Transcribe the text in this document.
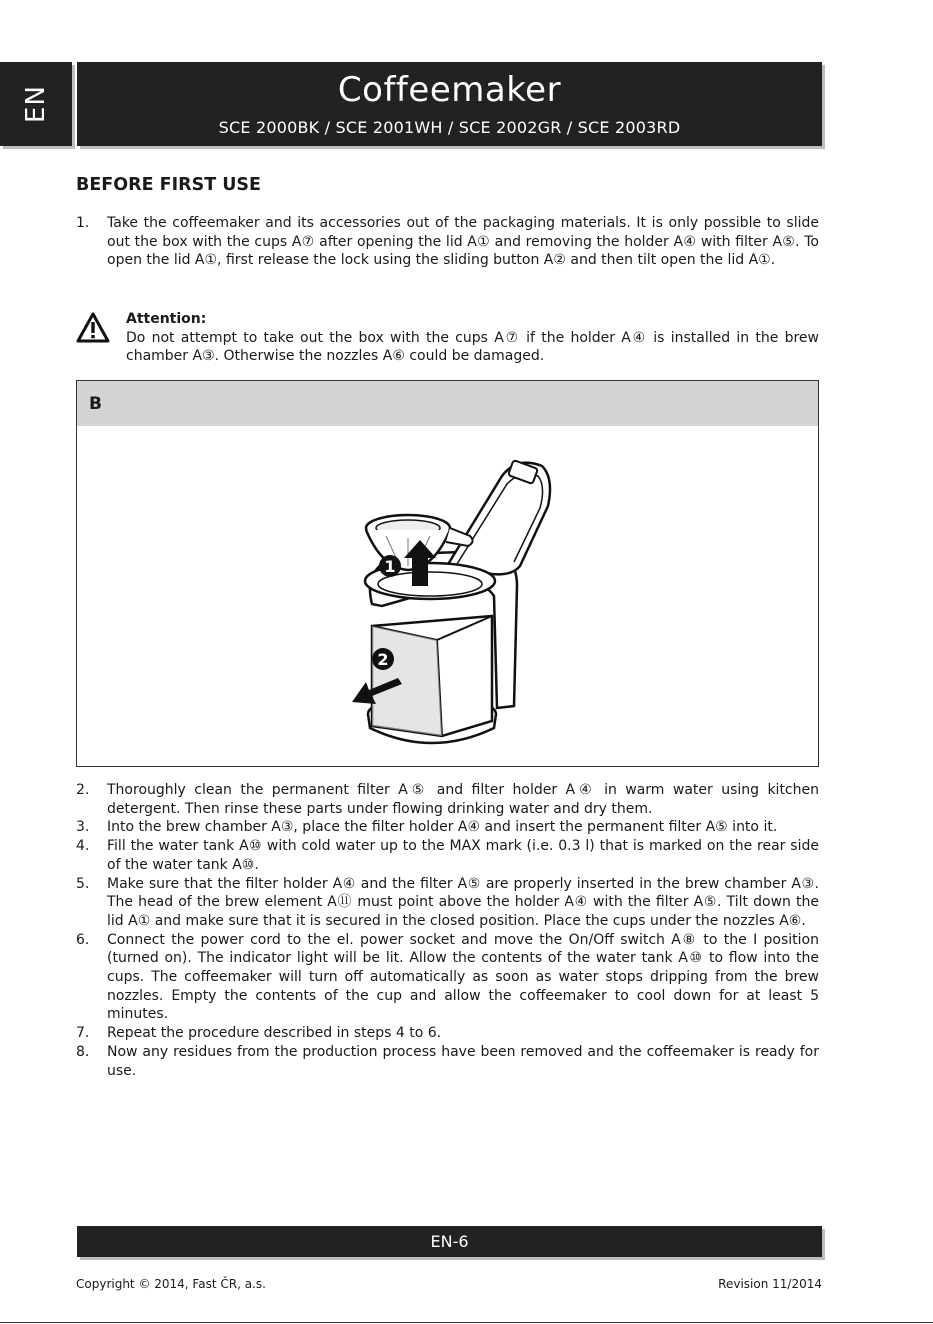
EN	Coffeemaker
SCE 2000BK / SCE 2001WH / SCE 2002GR / SCE 2003RD
BEFORE FIRST USE
1. Take the coffeemaker and its accessories out of the packaging materials. It is only possible to slide out the box with the cups A⑦ after opening the lid A① and removing the holder A④ with filter A⑤. To open the lid A①, first release the lock using the sliding button A② and then tilt open the lid A①.
Attention:
Do not attempt to take out the box with the cups A⑦ if the holder A④ is installed in the brew chamber A③. Otherwise the nozzles A⑥ could be damaged.
B
1
2
2. Thoroughly clean the permanent filter A⑤ and filter holder A④ in warm water using kitchen detergent. Then rinse these parts under flowing drinking water and dry them.
3. Into the brew chamber A③, place the filter holder A④ and insert the permanent filter A⑤ into it.
4. Fill the water tank A⑩ with cold water up to the MAX mark (i.e. 0.3 l) that is marked on the rear side of the water tank A⑩.
5. Make sure that the filter holder A④ and the filter A⑤ are properly inserted in the brew chamber A③. The head of the brew element A⑪ must point above the holder A④ with the filter A⑤. Tilt down the lid A① and make sure that it is secured in the closed position. Place the cups under the nozzles A⑥.
6. Connect the power cord to the el. power socket and move the On/Off switch A⑧ to the I position (turned on). The indicator light will be lit. Allow the contents of the water tank A⑩ to flow into the cups. The coffeemaker will turn off automatically as soon as water stops dripping from the brew nozzles. Empty the contents of the cup and allow the coffeemaker to cool down for at least 5 minutes.
7. Repeat the procedure described in steps 4 to 6.
8. Now any residues from the production process have been removed and the coffeemaker is ready for use.
EN-6
Copyright © 2014, Fast ČR, a.s.	Revision 11/2014
